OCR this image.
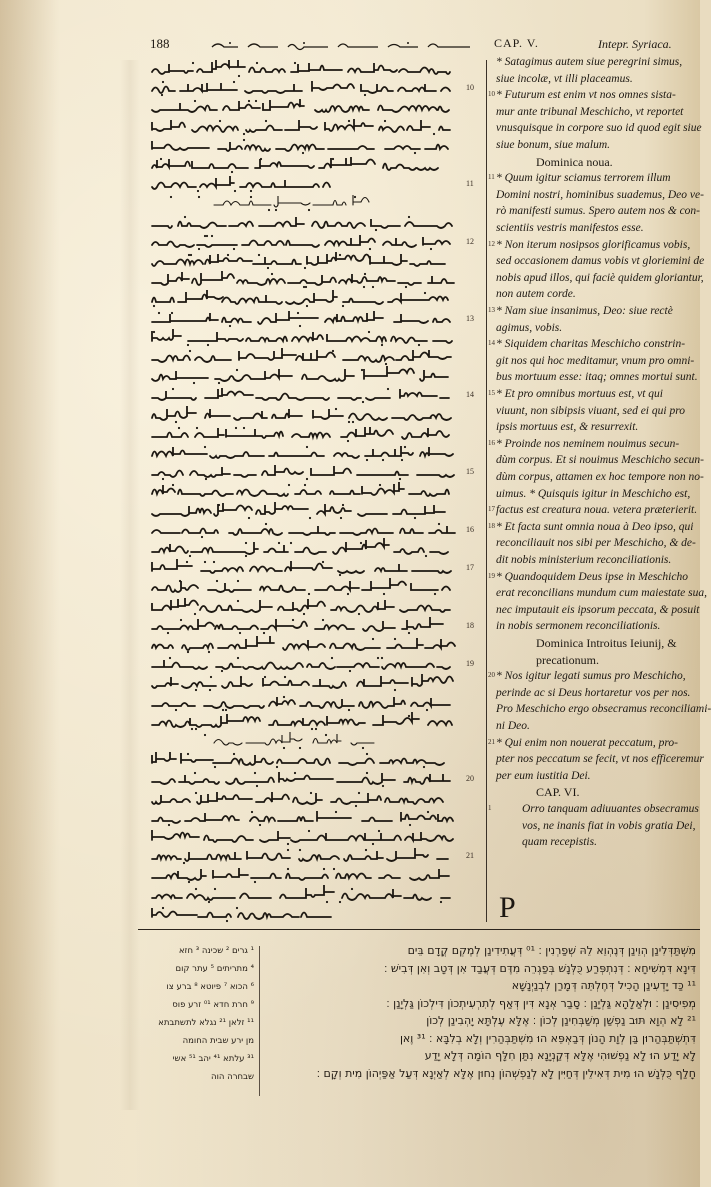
188	CAP. V.	Intepr. Syriaca.
10
11
12
13
14
15
16
17
18
19
20
21
P
* Satagimus autem siue peregrini simus,
siue incolæ, vt illi placeamus.
* Futurum est enim vt nos omnes sista-
10
mur ante tribunal Meschicho, vt reportet
vnusquisque in corpore suo id quod egit siue
siue bonum, siue malum.
Dominica noua.
* Quum igitur sciamus terrorem illum
11
Domini nostri, hominibus suademus, Deo ve-
rò manifesti sumus. Spero autem nos & con-
scientiis vestris manifestos esse.
* Non iterum nosipsos glorificamus vobis,
12
sed occasionem damus vobis vt gloriemini de
nobis apud illos, qui faciè quidem gloriantur,
non autem corde.
* Nam siue insanimus, Deo: siue rectè
13
agimus, vobis.
* Siquidem charitas Meschicho constrin-
14
git nos qui hoc meditamur, vnum pro omni-
bus mortuum esse: itaq; omnes mortui sunt.
* Et pro omnibus mortuus est, vt qui
15
viuunt, non sibipsis viuant, sed ei qui pro
ipsis mortuus est, & resurrexit.
* Proinde nos neminem nouimus secun-
16
dùm corpus. Et si nouimus Meschicho secun-
dùm corpus, attamen ex hoc tempore non no-
uimus. * Quisquis igitur in Meschicho est,
factus est creatura noua. vetera præterierit.
17
* Et facta sunt omnia noua à Deo ipso, qui
18
reconciliauit nos sibi per Meschicho, & de-
dit nobis ministerium reconciliationis.
* Quandoquidem Deus ipse in Meschicho
19
erat reconcilians mundum cum maiestate sua,
nec imputauit eis ipsorum peccata, & posuit
in nobis sermonem reconciliationis.
Dominica Introitus Ieiunij, &
precationum.
* Nos igitur legati sumus pro Meschicho,
20
perinde ac si Deus hortaretur vos per nos.
Pro Meschicho ergo obsecramus reconciliami-
ni Deo.
* Qui enim non nouerat peccatum, pro-
21
pter nos peccatum se fecit, vt nos efficeremur
per eum iustitia Dei.
CAP. VI.
Orro tanquam adiuuantes obsecramus
1
vos, ne inanis fiat in vobis gratia Dei,
quam recepistis.
מִשְׁתַּדְּלִינַן הְוֵינַן דְּנֶהְוֵא לֵהּ שְׁפַרְנִין ׃ ¹⁰ דְּעֲתִידִינַן לְמֶקְם קֳדָם בֵּים
דִּינָא דִּמְשִׁיחָא ׃ דְּנִתְפְּרַע כֻּלְּנָשׁ בְּפַגְרֵה מִדֶּם דְּעֲבַד אִן דְּטָב וְאִן דְּבִישׁ ׃
¹¹ כַּד יָדְעִינַן הָכִיל דְּחֶלְתֵּה דְּמָרַן לִבְנַיְנָשָׁא
מְפִיסִינַן ׃ וּלְאַלָהָא גַּלְיָנַן ׃ סָבַר אְנָא דִּין דְּאַף לְתִרְעִיתְכוֹן דִּילְכוֹן גַּלְיָנַן ׃
¹² לָא הְוָא תּוּב נַפְשַׁן מְשַׁבְּחִינַן לְכוֹן ׃ אֶלָּא עֶלְתָּא יָהְבִינַן לְכוֹן
דִּתְשְׁתַּבְּהַרוּן בַּן לְוָת הָנוֹן דְּבַאְפֵּא הוּ מִשְׁתַּבְּהַרִין וְלָא בְלִבָּא ׃ ¹³ וֶאן
לָא יָדַע הוּ לָא נַפְשׁוּהִי אֶלָּא דְּקַנְיָנָא נִתַּן חִלָּף הוֹמָה דְּלָא יָדַע
חָלַף כֻּלְּנָשׁ הוּ מִית דְּאִילֵין דְּחַיִּין לָא לְנַפְשְׁהוֹן נְחוּן אֶלָּא לְאַיְנָא דְּעַל אַפַּיְהוֹן מִית וְקָם ׃
¹ גרים ² שכינה ³ חזא
⁴ מתריתים ⁵ עתר קום
⁶ הכוא ⁷ פיוטא ⁸ ברע צו
⁹ חרת חדא ¹⁰ זרע פוס
¹¹ זלאן ¹² נגלא לתשתבתא
מן ירע שבית החומה
¹³ עלתא ¹⁴ יהב ¹⁵ אשי
שבחרה הוה
